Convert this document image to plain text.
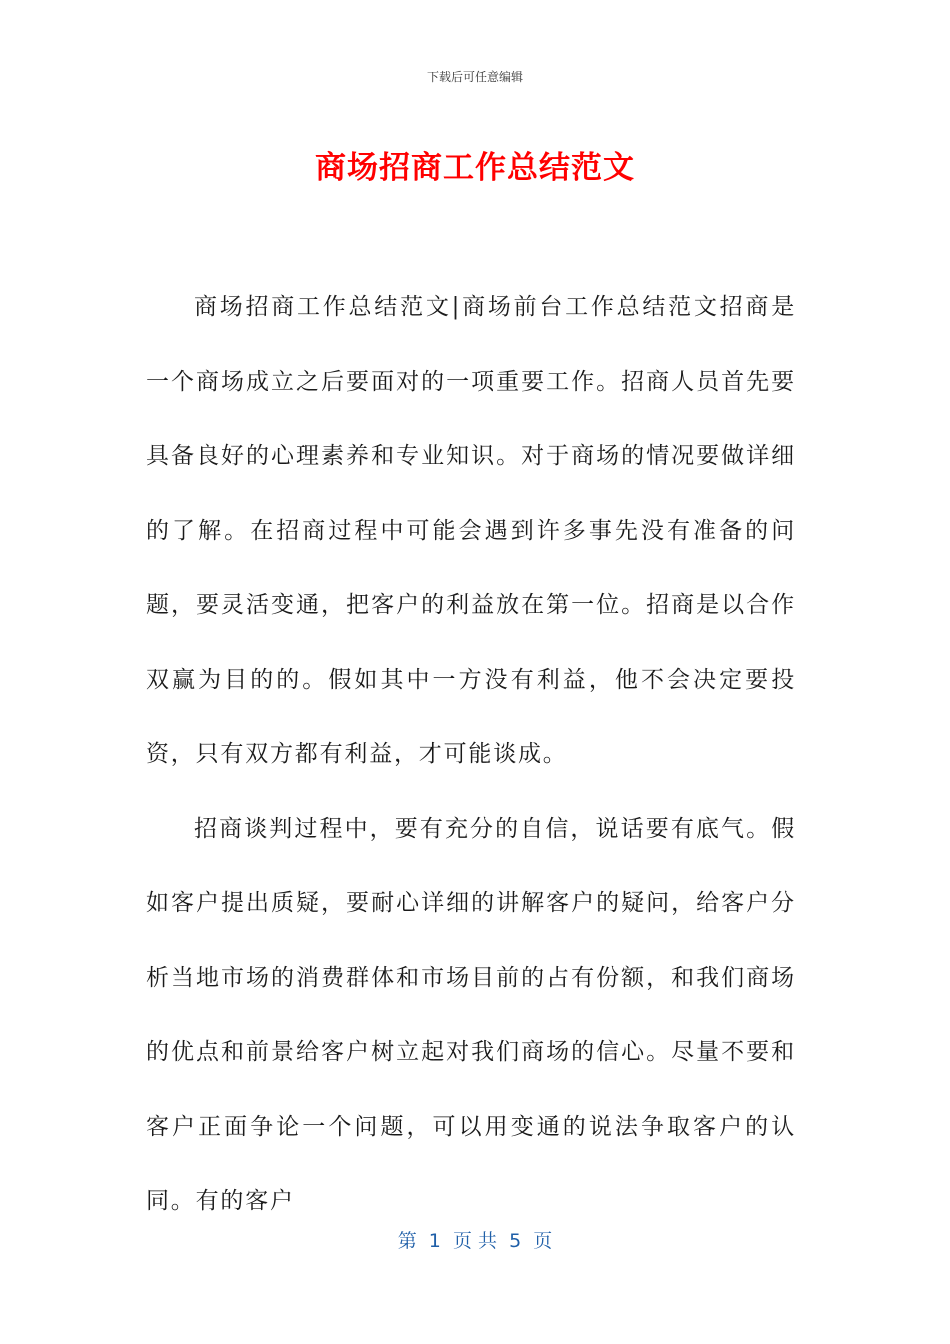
下载后可任意编辑
商场招商工作总结范文

商场招商工作总结范文|商场前台工作总结范文招商是一个商场成立之后要面对的一项重要工作。招商人员首先要具备良好的心理素养和专业知识。对于商场的情况要做详细的了解。在招商过程中可能会遇到许多事先没有准备的问题，要灵活变通，把客户的利益放在第一位。招商是以合作双赢为目的的。假如其中一方没有利益，他不会决定要投资，只有双方都有利益，才可能谈成。

招商谈判过程中，要有充分的自信，说话要有底气。假如客户提出质疑，要耐心详细的讲解客户的疑问，给客户分析当地市场的消费群体和市场目前的占有份额，和我们商场的优点和前景给客户树立起对我们商场的信心。尽量不要和客户正面争论一个问题，可以用变通的说法争取客户的认同。有的客户

第  1  页 共  5  页
